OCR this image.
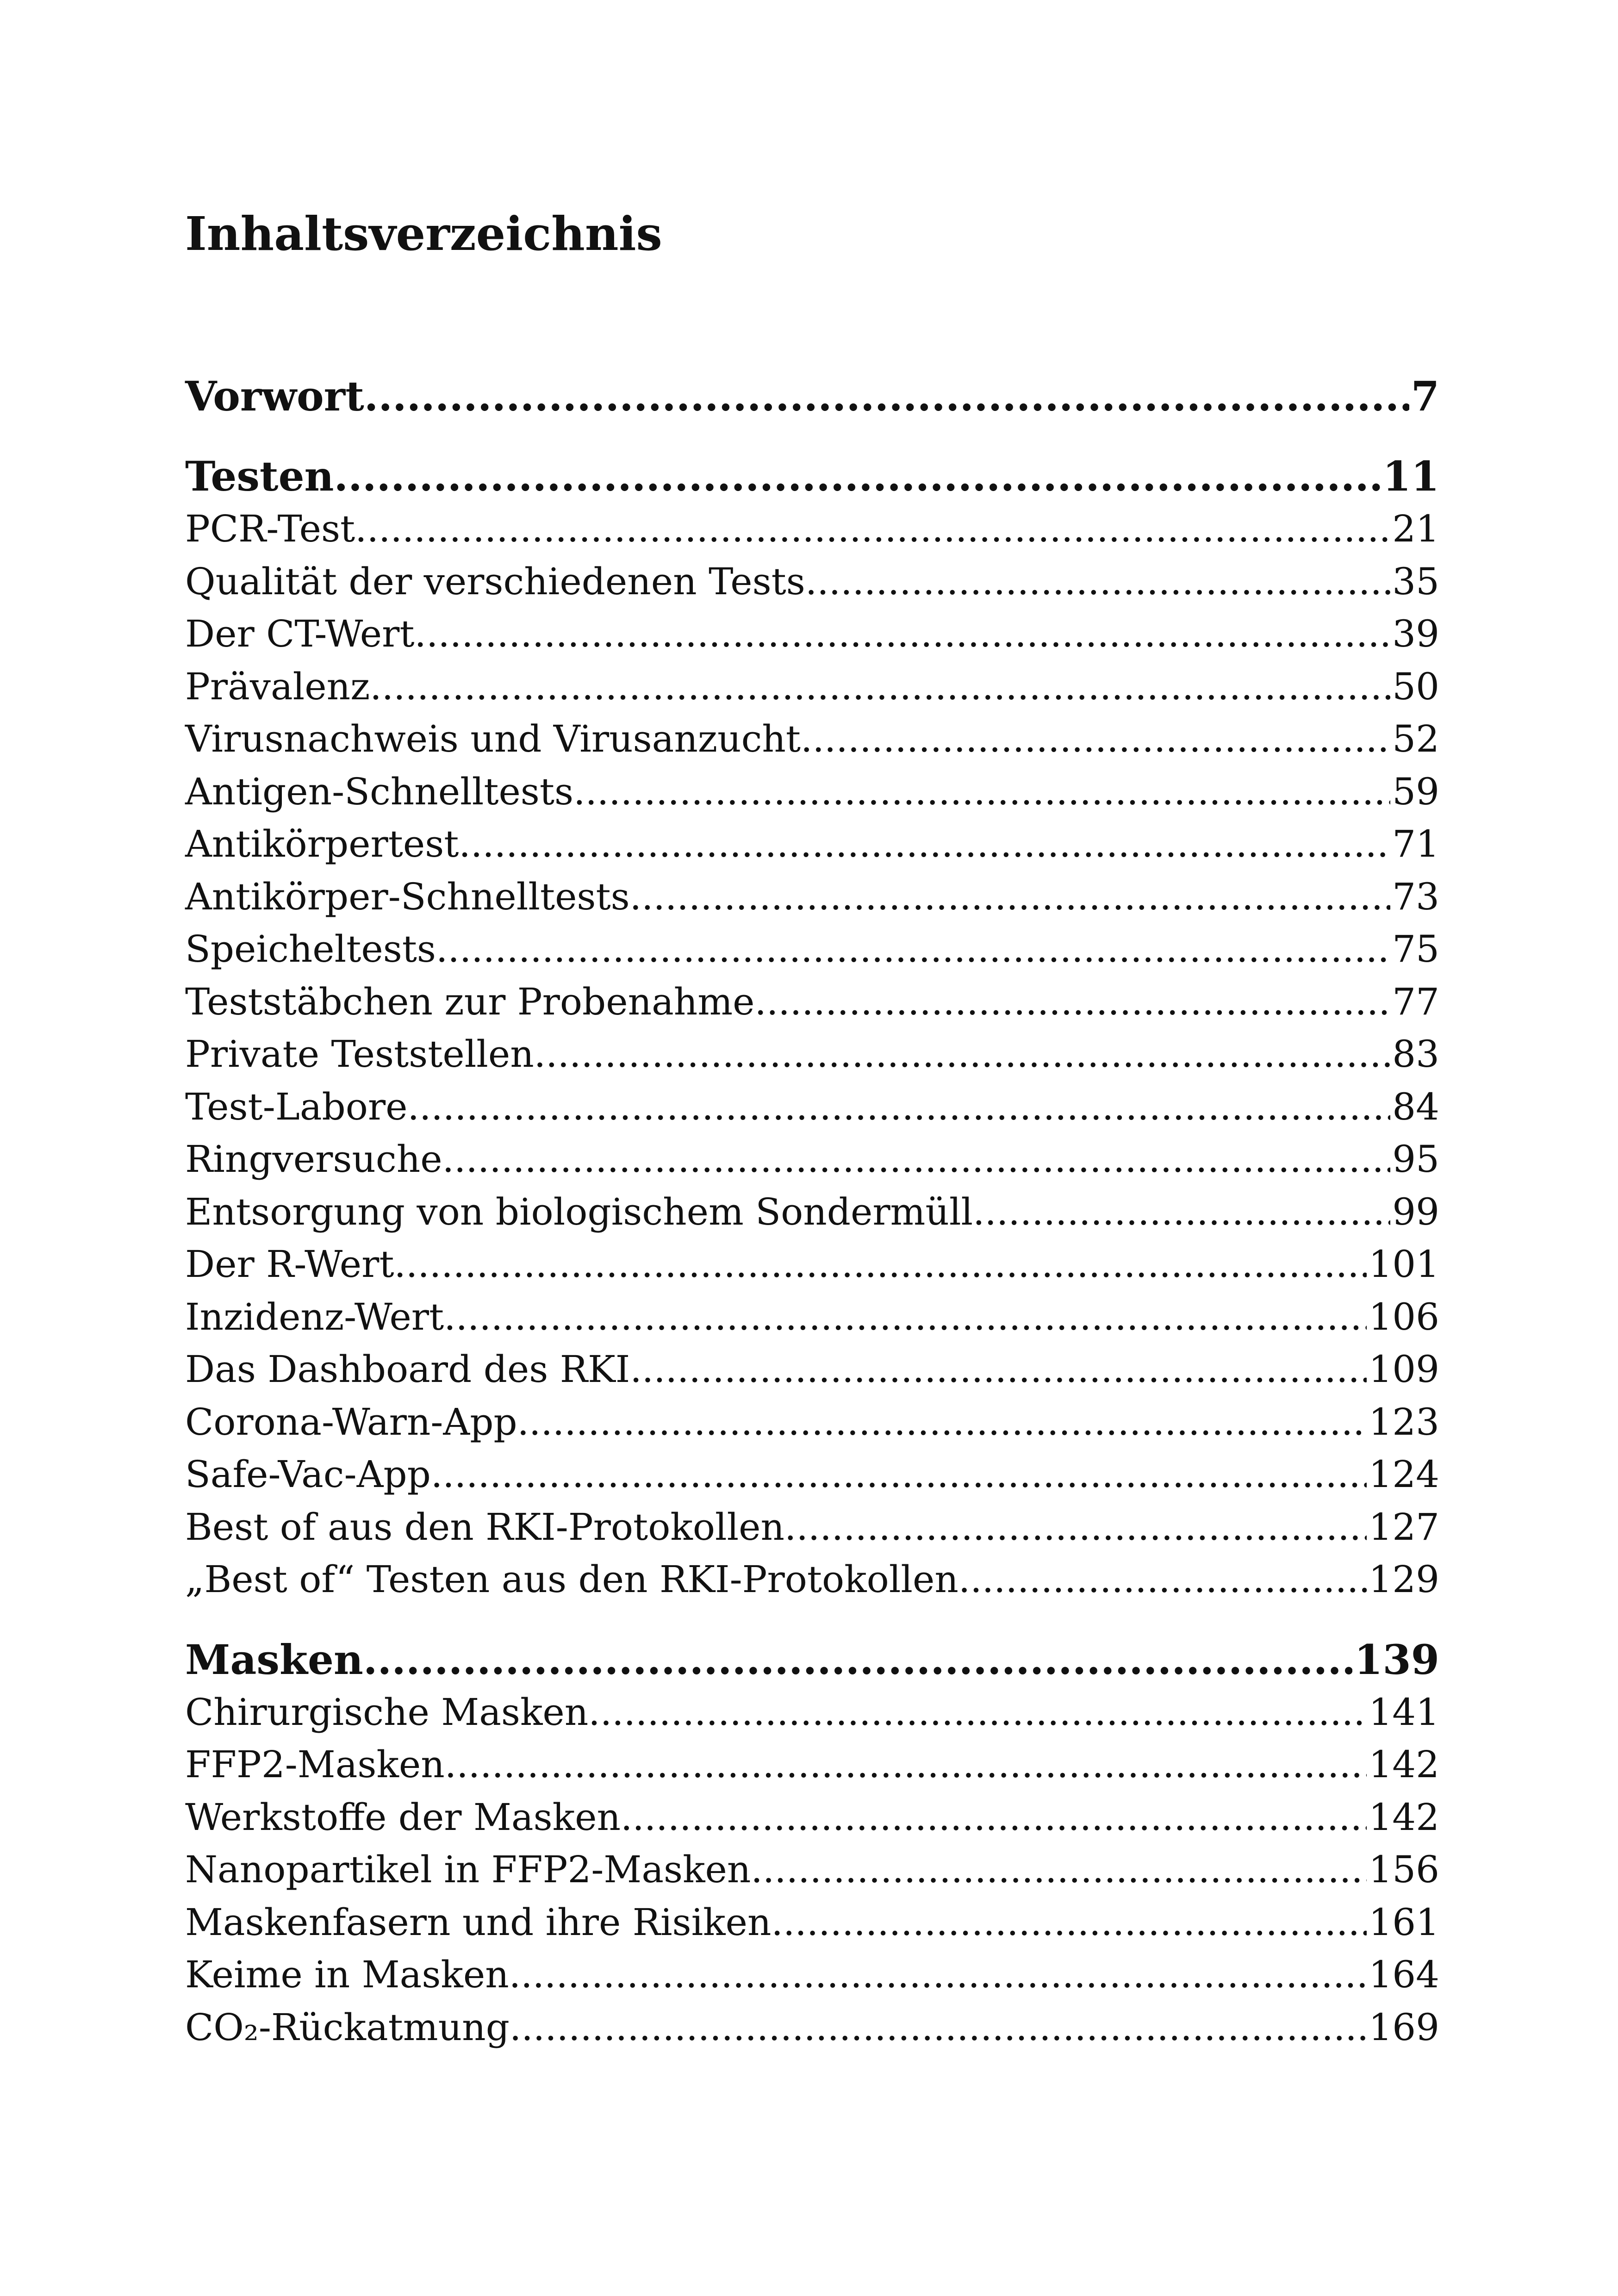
Inhaltsverzeichnis
Vorwort .....	7
Testen .....	11
PCR-Test .....	21
Qualität der verschiedenen Tests .....	35
Der CT-Wert .....	39
Prävalenz .....	50
Virusnachweis und Virusanzucht .....	52
Antigen-Schnelltests .....	59
Antikörpertest .....	71
Antikörper-Schnelltests .....	73
Speicheltests .....	75
Teststäbchen zur Probenahme .....	77
Private Teststellen .....	83
Test-Labore .....	84
Ringversuche .....	95
Entsorgung von biologischem Sondermüll .....	99
Der R-Wert .....	101
Inzidenz-Wert .....	106
Das Dashboard des RKI .....	109
Corona-Warn-App .....	123
Safe-Vac-App .....	124
Best of aus den RKI-Protokollen .....	127
„Best of“ Testen aus den RKI-Protokollen .....	129
Masken .....	139
Chirurgische Masken .....	141
FFP2-Masken .....	142
Werkstoffe der Masken .....	142
Nanopartikel in FFP2-Masken .....	156
Maskenfasern und ihre Risiken .....	161
Keime in Masken .....	164
CO₂-Rückatmung .....	169
